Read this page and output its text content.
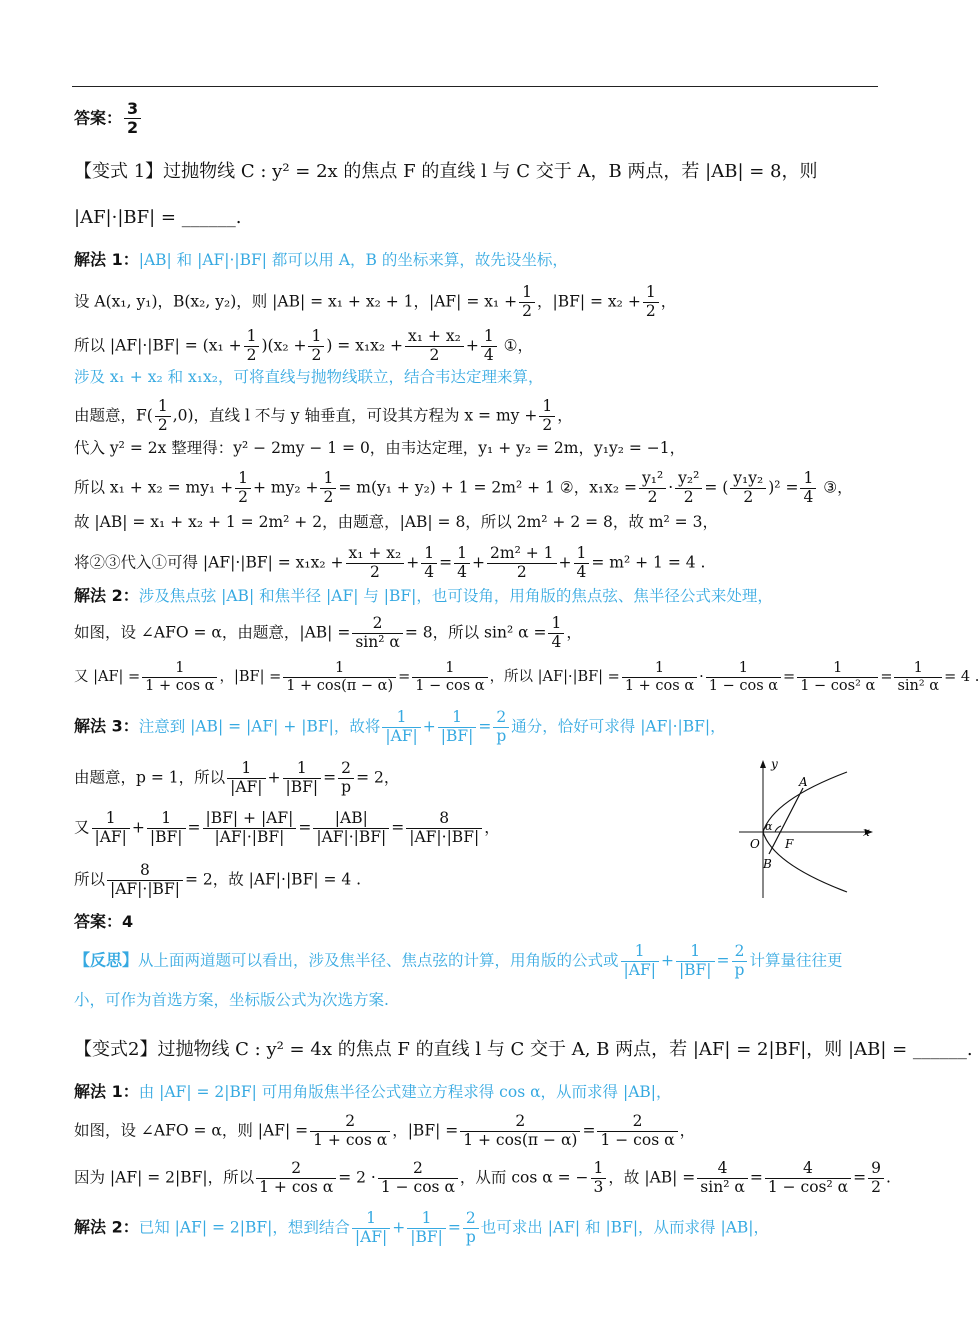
答案： $\frac{3}{2}$
【变式 1】过抛物线 C : y² = 2x 的焦点 F 的直线 l 与 C 交于 A，B 两点，若 |AB| = 8，则
|AF|·|BF| = ______.
解法 1：|AB| 和 |AF|·|BF| 都可以用 A，B 的坐标来算，故先设坐标，
设 A(x₁, y₁)，B(x₂, y₂)，则 |AB| = x₁ + x₂ + 1，$|AF| = x_1 + \frac{1}{2}$ ，$|BF| = x_2 + \frac{1}{2}$ ，
所以 $|AF|\cdot|BF| = (x_1 + \frac{1}{2} )(x_2 + \frac{1}{2}$ ) = $x_1x_2 + \frac{\text{x₁ + x₂}}{2} + \frac{1}{4}$ ①，
涉及 x₁ + x₂ 和 x₁x₂，可将直线与抛物线联立，结合韦达定理来算，
由题意，$F( \frac{1}{2} ,0)$，直线 l 不与 y 轴垂直，可设其方程为 x = my + $\frac{1}{2}$ ，
代入 y² = 2x 整理得：y² − 2my − 1 = 0，由韦达定理，y₁ + y₂ = 2m，y₁y₂ = −1，
所以 $x_1 + x_2 = my_1 + \frac{1}{2} + my_2 + \frac{1}{2} = m(y_1 + y_2) + 1 = 2m^2 + 1$ ②，$x_1x_2 = \frac{\text{y₁²}}{2} \cdot \frac{\text{y₂²}}{2}$ = ( $\frac{\text{y₁y₂}}{2} )^2 = \frac{1}{4}$ ③，
故 |AB| = x₁ + x₂ + 1 = 2m² + 2，由题意，|AB| = 8，所以 2m² + 2 = 8，故 m² = 3，
将②③代入①可得 $|AF|\cdot|BF| = x_1x_2 + \frac{\text{x₁ + x₂}}{2} + \frac{1}{4} = \frac{1}{4} + \frac{\text{2m² + 1}}{2} + \frac{1}{4} = m^2 + 1 = 4$ .
解法 2：涉及焦点弦 |AB| 和焦半径 |AF| 与 |BF|，也可设角，用角版的焦点弦、焦半径公式来处理，
如图，设 ∠AFO = α，由题意，$|AB| = \frac{2}{\text{sin² α}} = 8$，所以 sin² $\alpha = \frac{1}{4}$ ，
又 $|AF| = \frac{1}{\text{1 + cos α}}$ ，$|BF| = \frac{1}{1 + \cos(\pi - \alpha)} = \frac{1}{\text{1 − cos α}}$ ，所以 $|AF|\cdot|BF| = \frac{1}{\text{1 + cos α}} \cdot \frac{1}{\text{1 − cos α}} = \frac{1}{\text{1 − cos² α}} = \frac{1}{\text{sin² α}} = 4$ .
解法 3：注意到 |AB| = |AF| + |BF|，故将 $\frac{1}{|AF|} + \frac{1}{|BF|} = \frac{2}{p}$ 通分，恰好可求得 |AF|·|BF|，
由题意，p = 1，所以 $\frac{1}{|AF|} + \frac{1}{|BF|} = \frac{2}{p} = 2$，
又 $\frac{1}{|AF|} + \frac{1}{|BF|} = \frac{|BF| + |AF|}{|AF|\cdot|BF|} = \frac{|AB|}{|AF|\cdot|BF|} = \frac{8}{|AF|\cdot|BF|}$ ，
所以 $\frac{8}{|AF|\cdot|BF|} = 2$，故 |AF|·|BF| = 4 .
答案：4
【反思】从上面两道题可以看出，涉及焦半径、焦点弦的计算，用角版的公式或 $\frac{1}{|AF|} + \frac{1}{|BF|} = \frac{2}{p}$ 计算量往往更
小，可作为首选方案，坐标版公式为次选方案.
【变式2】过抛物线 C : y² = 4x 的焦点 F 的直线 l 与 C 交于 A, B 两点，若 |AF| = 2|BF|，则 |AB| = ______.
解法 1：由 |AF| = 2|BF| 可用角版焦半径公式建立方程求得 cos α，从而求得 |AB|，
如图，设 ∠AFO = α，则 $|AF| = \frac{2}{\text{1 + cos α}}$ ，$|BF| = \frac{2}{1 + \cos(\pi - \alpha)} = \frac{2}{\text{1 − cos α}}$ ，
因为 |AF| = 2|BF|，所以 $\frac{2}{\text{1 + cos α}} = 2 \cdot \frac{2}{\text{1 − cos α}}$ ，从而 cos α = − $\frac{1}{3}$ ，故 $|AB| = \frac{4}{\text{sin² α}} = \frac{4}{\text{1 − cos² α}} = \frac{9}{2}$ .
解法 2：已知 |AF| = 2|BF|，想到结合 $\frac{1}{|AF|} + \frac{1}{|BF|} = \frac{2}{p}$ 也可求出 |AF| 和 |BF|，从而求得 |AB|，
y
x
A
B
O F
α
